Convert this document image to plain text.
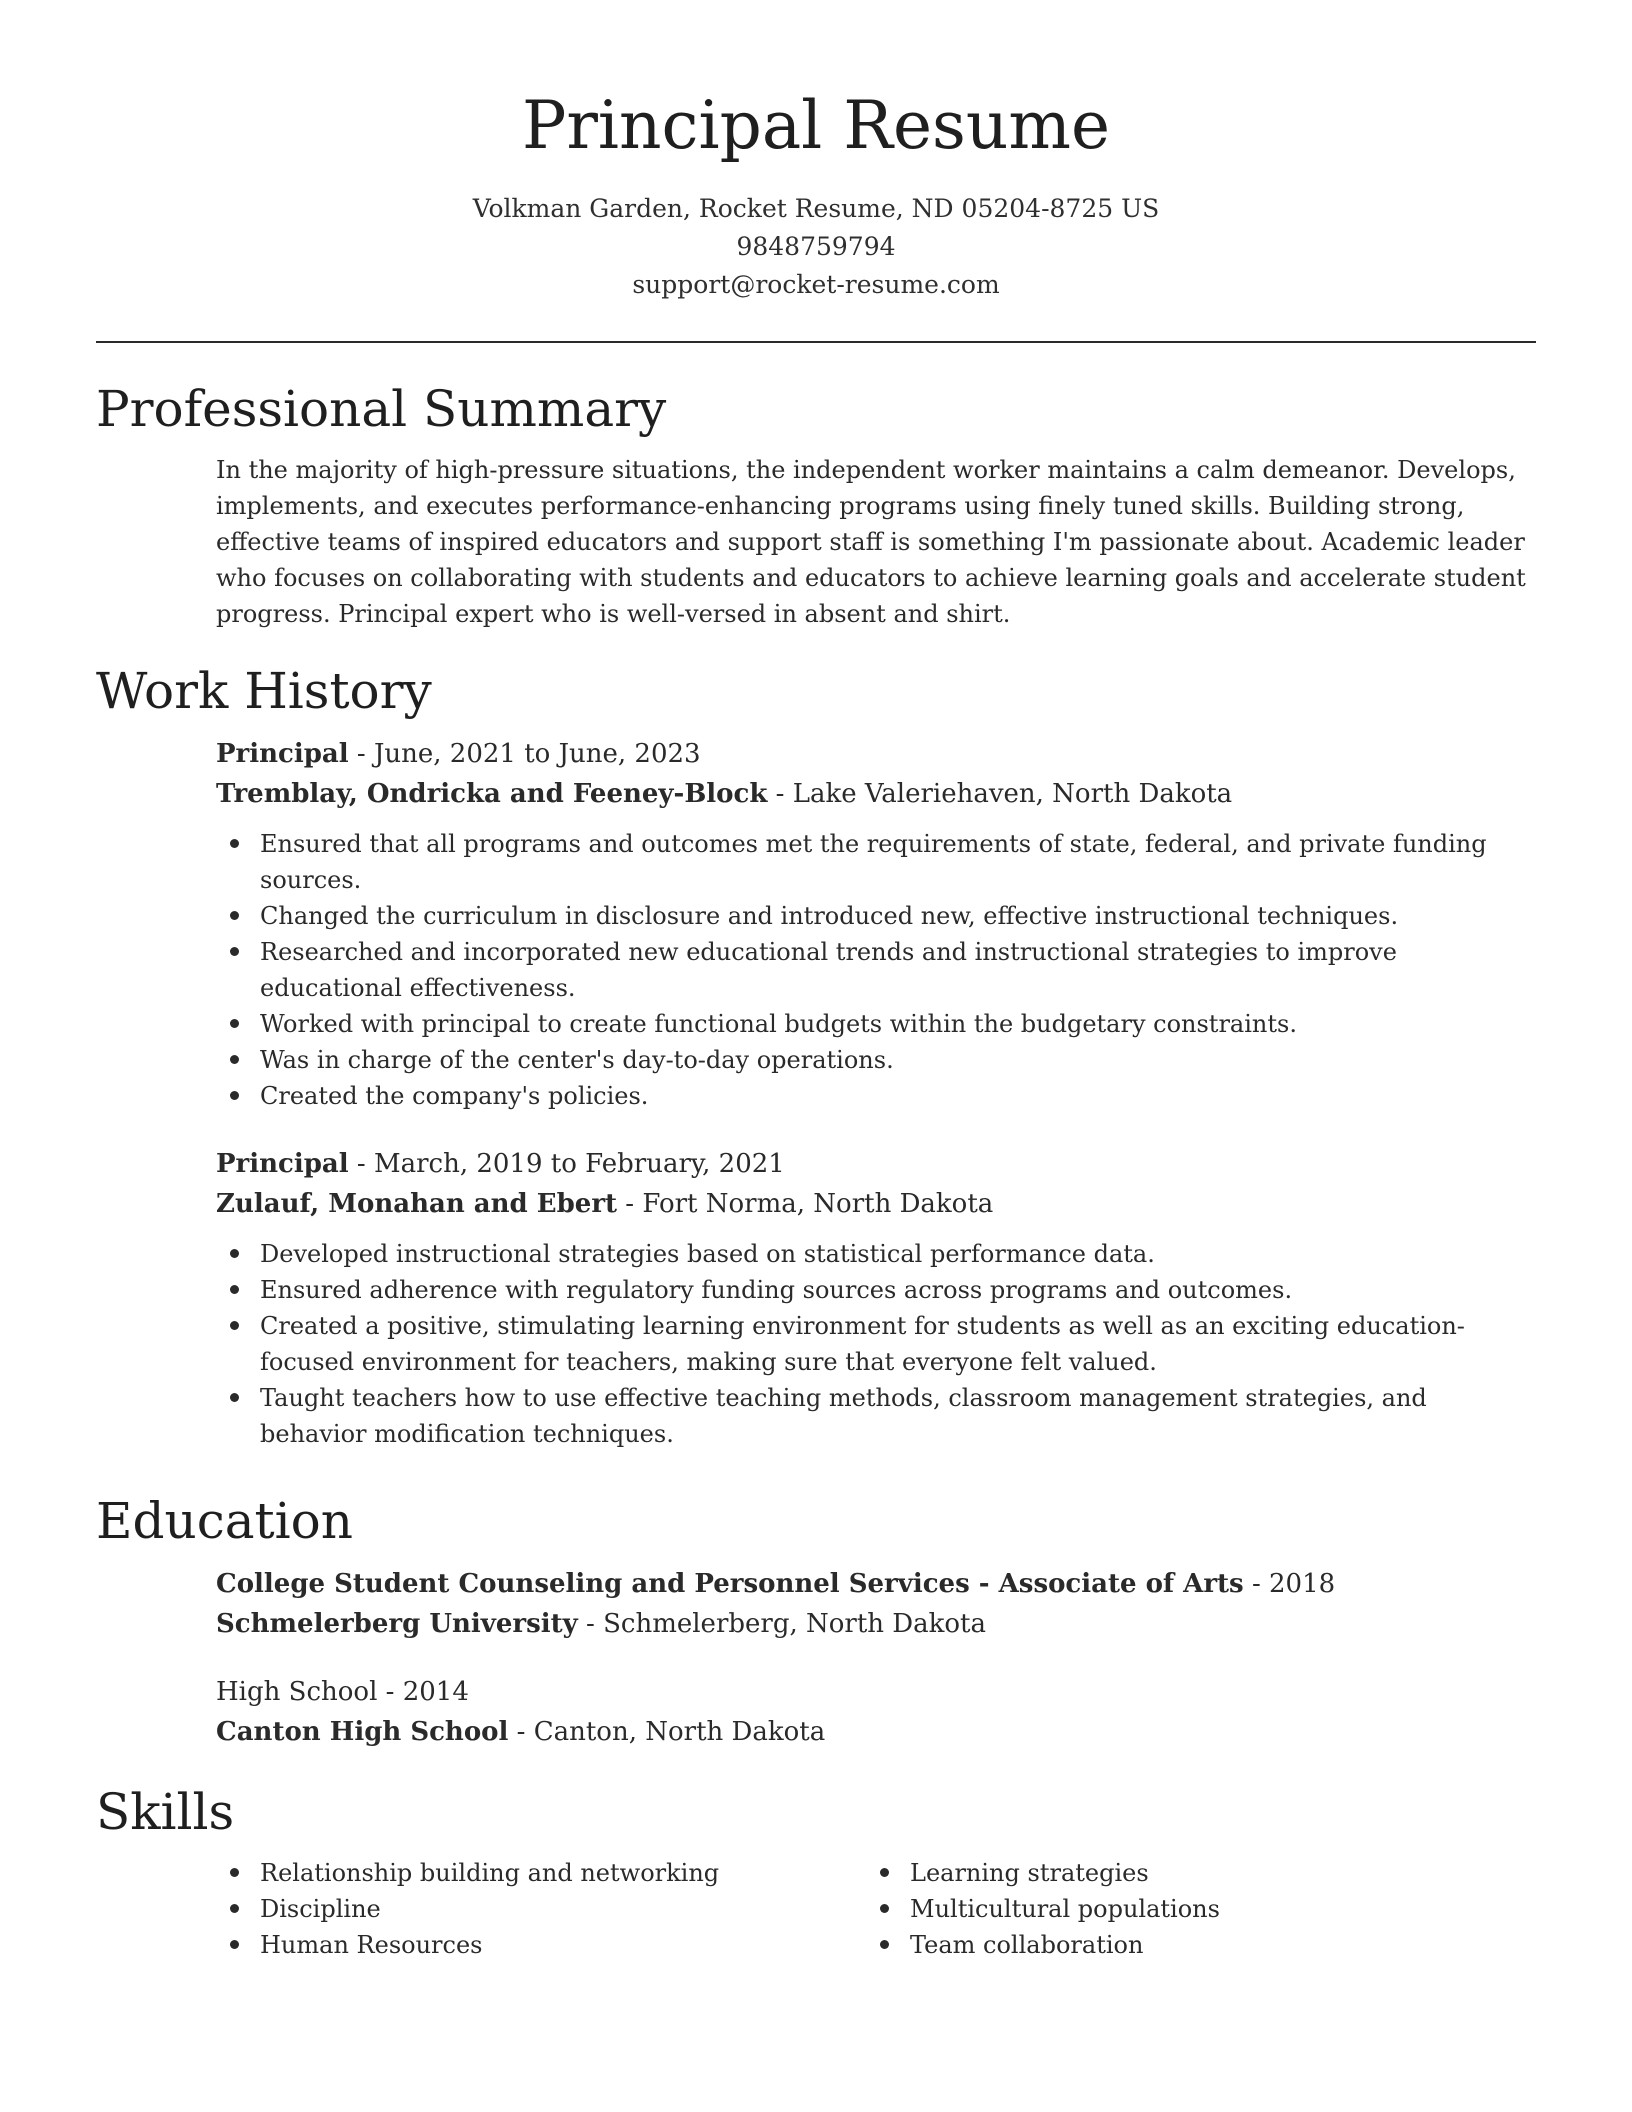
Principal Resume
Volkman Garden, Rocket Resume, ND 05204-8725 US
9848759794
support@rocket-resume.com
Professional Summary

In the majority of high-pressure situations, the independent worker maintains a calm demeanor. Develops, implements, and executes performance-enhancing programs using finely tuned skills. Building strong, effective teams of inspired educators and support staff is something I'm passionate about. Academic leader who focuses on collaborating with students and educators to achieve learning goals and accelerate student progress. Principal expert who is well-versed in absent and shirt.

Work History
Principal - June, 2021 to June, 2023
Tremblay, Ondricka and Feeney-Block - Lake Valeriehaven, North Dakota
Ensured that all programs and outcomes met the requirements of state, federal, and private funding sources.
Changed the curriculum in disclosure and introduced new, effective instructional techniques.
Researched and incorporated new educational trends and instructional strategies to improve educational effectiveness.
Worked with principal to create functional budgets within the budgetary constraints.
Was in charge of the center's day-to-day operations.
Created the company's policies.
Principal - March, 2019 to February, 2021
Zulauf, Monahan and Ebert - Fort Norma, North Dakota
Developed instructional strategies based on statistical performance data.
Ensured adherence with regulatory funding sources across programs and outcomes.
Created a positive, stimulating learning environment for students as well as an exciting education-focused environment for teachers, making sure that everyone felt valued.
Taught teachers how to use effective teaching methods, classroom management strategies, and behavior modification techniques.
Education
College Student Counseling and Personnel Services - Associate of Arts - 2018
Schmelerberg University - Schmelerberg, North Dakota
High School - 2014
Canton High School - Canton, North Dakota
Skills
Relationship building and networking
Discipline
Human Resources
Learning strategies
Multicultural populations
Team collaboration
